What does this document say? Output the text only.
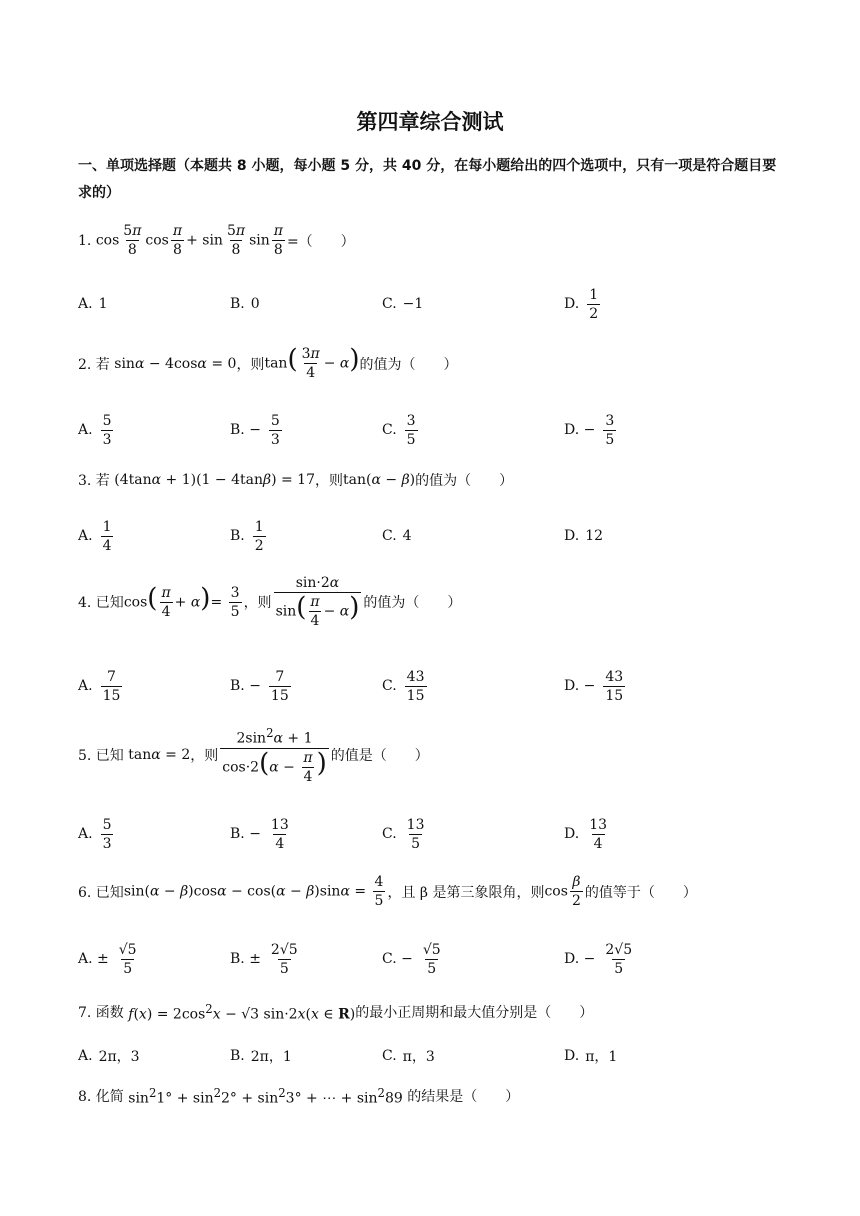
第四章综合测试
一、单项选择题（本题共 8 小题，每小题 5 分，共 40 分，在每小题给出的四个选项中，只有一项是符合题目要求的）
1.
$\cos \frac{5\pi}{8}$ $\cos \frac{\pi}{8} + \sin \frac{5\pi}{8}$ $\sin \frac{\pi}{8}$ =（　　）
A. 1	B. 0	C. −1	D. $\frac{1}{2}$
2. 若
sinα − 4cosα = 0 ，则 $\tan( \frac{3\pi}{4} - \alpha)$ 的值为（　　）
A. $\frac{5}{3}$	B. − $\frac{5}{3}$	C. $\frac{3}{5}$	D. − $\frac{3}{5}$
3. 若
(4tanα + 1)(1 − 4tanβ) = 17 ，则 tan(α − β) 的值为（　　）
A. $\frac{1}{4}$	B. $\frac{1}{2}$	C. 4	D. 12
4. 已知 $\cos( \frac{\pi}{4} + \alpha)= \frac{3}{5}$ ，则 $\frac{\sin\cdot 2\alpha}{\sin( \frac{\pi}{4} - \alpha)}$ 的值为（　　）
A. $\frac{7}{15}$	B. − $\frac{7}{15}$	C. $\frac{43}{15}$	D. − $\frac{43}{15}$
5. 已知
tanα = 2 ，则 $\frac{2\sin^2\alpha + 1}{\cos\cdot 2(\alpha - \frac{\pi}{4} )}$ 的值是（　　）
A. $\frac{5}{3}$	B. − $\frac{13}{4}$	C. $\frac{13}{5}$	D. $\frac{13}{4}$
6. 已知 $\sin(\alpha - \beta)\cos\alpha - \cos(\alpha - \beta)\sin\alpha = \frac{4}{5}$ ，且 β 是第三象限角，则 $\cos \frac{\beta}{2}$ 的值等于（　　）
A. ± $\frac{√5}{5}$	B. ± $\frac{2√5}{5}$	C. − $\frac{√5}{5}$	D. − $\frac{2√5}{5}$
7. 函数
$f(x) = 2\cos^2x - √3$ sin·2x(x ∈ R) 的最小正周期和最大值分别是（　　）
A. 2π，3	B. 2π，1	C. π，3	D. π，1
8. 化简
$\sin^21^\circ + \sin^22^\circ + \sin^23^\circ$ + ⋯ + $\sin^289$
的结果是（　　）
